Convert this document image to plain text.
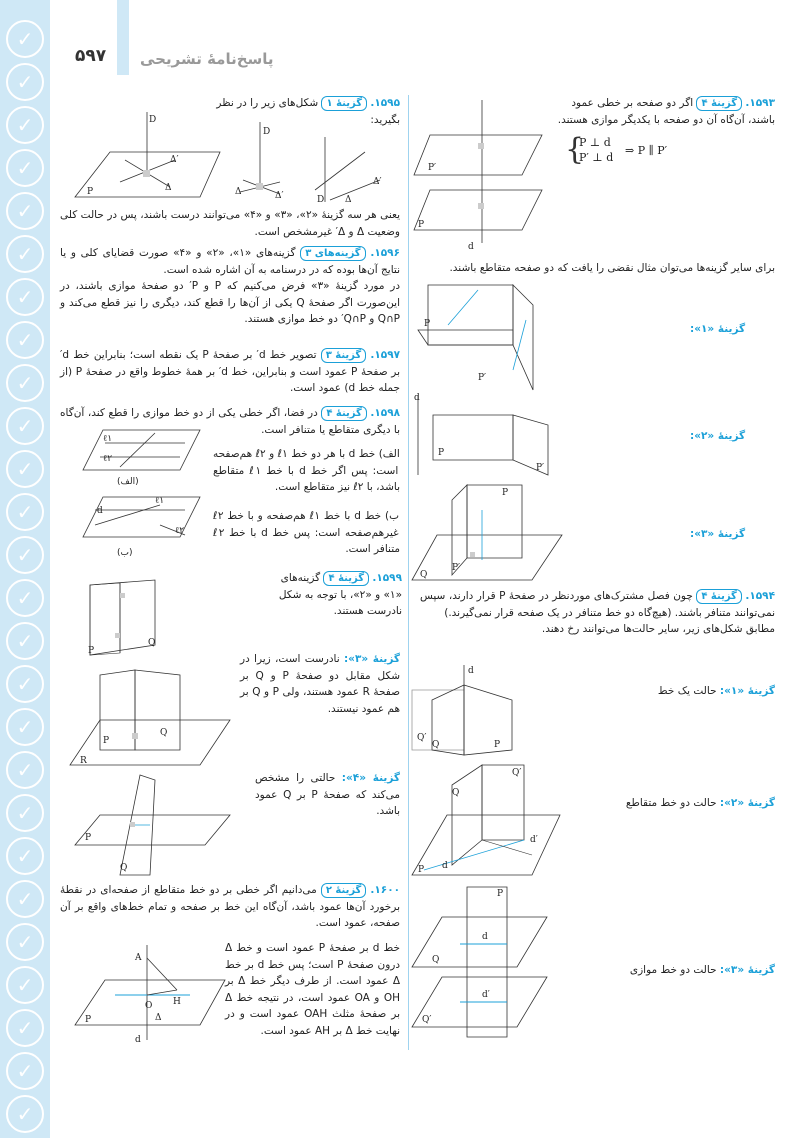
✓
✓
✓
✓
✓
✓
✓
✓
✓
✓
✓
✓
✓
✓
✓
✓
✓
✓
✓
✓
✓
✓
✓
✓
✓
✓
۵۹۷ پاسخ‌نامهٔ تشریحی
۱۵۹۳. گزینهٔ ۴ اگر دو صفحه بر خطی عمود باشند، آن‌گاه آن دو صفحه با یکدیگر موازی هستند.
{
P ⊥ d
P′ ⊥ d
⇒ P ∥ P′
P′
P
d
برای سایر گزینه‌ها می‌توان مثال نقضی را یافت که دو صفحه متقاطع باشند.
گزینهٔ «۱»:
P
P′
گزینهٔ «۲»:
d
P
P′
گزینهٔ «۳»:
P
Q
P′
۱۵۹۴. گزینهٔ ۴ چون فصل مشترک‌های موردنظر در صفحهٔ P قرار دارند، سپس نمی‌توانند متنافر باشند. (هیچ‌گاه دو خط متنافر در یک صفحه قرار نمی‌گیرند.)
مطابق شکل‌های زیر، سایر حالت‌ها می‌توانند رخ دهند.
گزینهٔ «۱»: حالت یک خط
d
Q′
Q	P
گزینهٔ «۲»: حالت دو خط متقاطع
Q′
Q
P d
d′
گزینهٔ «۳»: حالت دو خط موازی
P
Q
Q′
d
d′
۱۵۹۵. گزینهٔ ۱ شکل‌های زیر را در نظر بگیرید:
D
Δ′
Δ
P
D
Δ	Δ′	D Δ
Δ′
یعنی هر سه گزینهٔ «۲»، «۳» و «۴» می‌توانند درست باشند، پس در حالت کلی وضعیت Δ و Δ′ غیرمشخص است.
۱۵۹۶. گزینه‌های ۳ گزینه‌های «۱»، «۲» و «۴» صورت قضایای کلی و یا نتایج آن‌ها بوده که در درسنامه به آن اشاره شده است.
در مورد گزینهٔ «۳» فرض می‌کنیم که P و P′ دو صفحهٔ موازی باشند، در این‌صورت اگر صفحهٔ Q یکی از آن‌ها را قطع کند، دیگری را نیز قطع می‌کند و Q∩P و Q∩P′ دو خط موازی هستند.
۱۵۹۷. گزینهٔ ۳ تصویر خط d′ بر صفحهٔ P یک نقطه است؛ بنابراین خط d′ بر صفحهٔ P عمود است و بنابراین، خط d′ بر همهٔ خطوط واقع در صفحهٔ P (از جمله خط d) عمود است.
۱۵۹۸. گزینهٔ ۴ در فضا، اگر خطی یکی از دو خط موازی را قطع کند، آن‌گاه با دیگری متقاطع یا متنافر است.
الف) خط d با هر دو خط ℓ۱ و ℓ۲ هم‌صفحه است: پس اگر خط d با خط ℓ۱ متقاطع باشد، با ℓ۲ نیز متقاطع است.
ب) خط d با خط ℓ۱ هم‌صفحه و با خط ℓ۲ غیرهم‌صفحه است: پس خط d با خط ℓ۲ متنافر است.
ℓ۱
ℓ۲
d
ℓ۱
ℓ۲
(الف)
(ب)
۱۵۹۹. گزینهٔ ۴ گزینه‌های «۱» و «۲»، با توجه به شکل نادرست هستند.
P
Q
گزینهٔ «۳»: نادرست است، زیرا در شکل مقابل دو صفحهٔ P و Q بر صفحهٔ R عمود هستند، ولی P و Q بر هم عمود نیستند.
P
Q
R
گزینهٔ «۴»: حالتی را مشخص می‌کند که صفحهٔ P بر Q عمود باشد.
P
Q
۱۶۰۰. گزینهٔ ۲ می‌دانیم اگر خطی بر دو خط متقاطع از صفحه‌ای در نقطهٔ برخورد آن‌ها عمود باشد، آن‌گاه این خط بر صفحه و تمام خط‌های واقع بر آن صفحه، عمود است.
خط d بر صفحهٔ P عمود است و خط Δ درون صفحهٔ P است؛ پس خط d بر خط Δ عمود است. از طرف دیگر خط Δ بر OH و OA عمود است، در نتیجه خط Δ بر صفحهٔ مثلث OAH عمود است و در نهایت خط Δ بر AH عمود است.
A
O H
Δ
P
d
